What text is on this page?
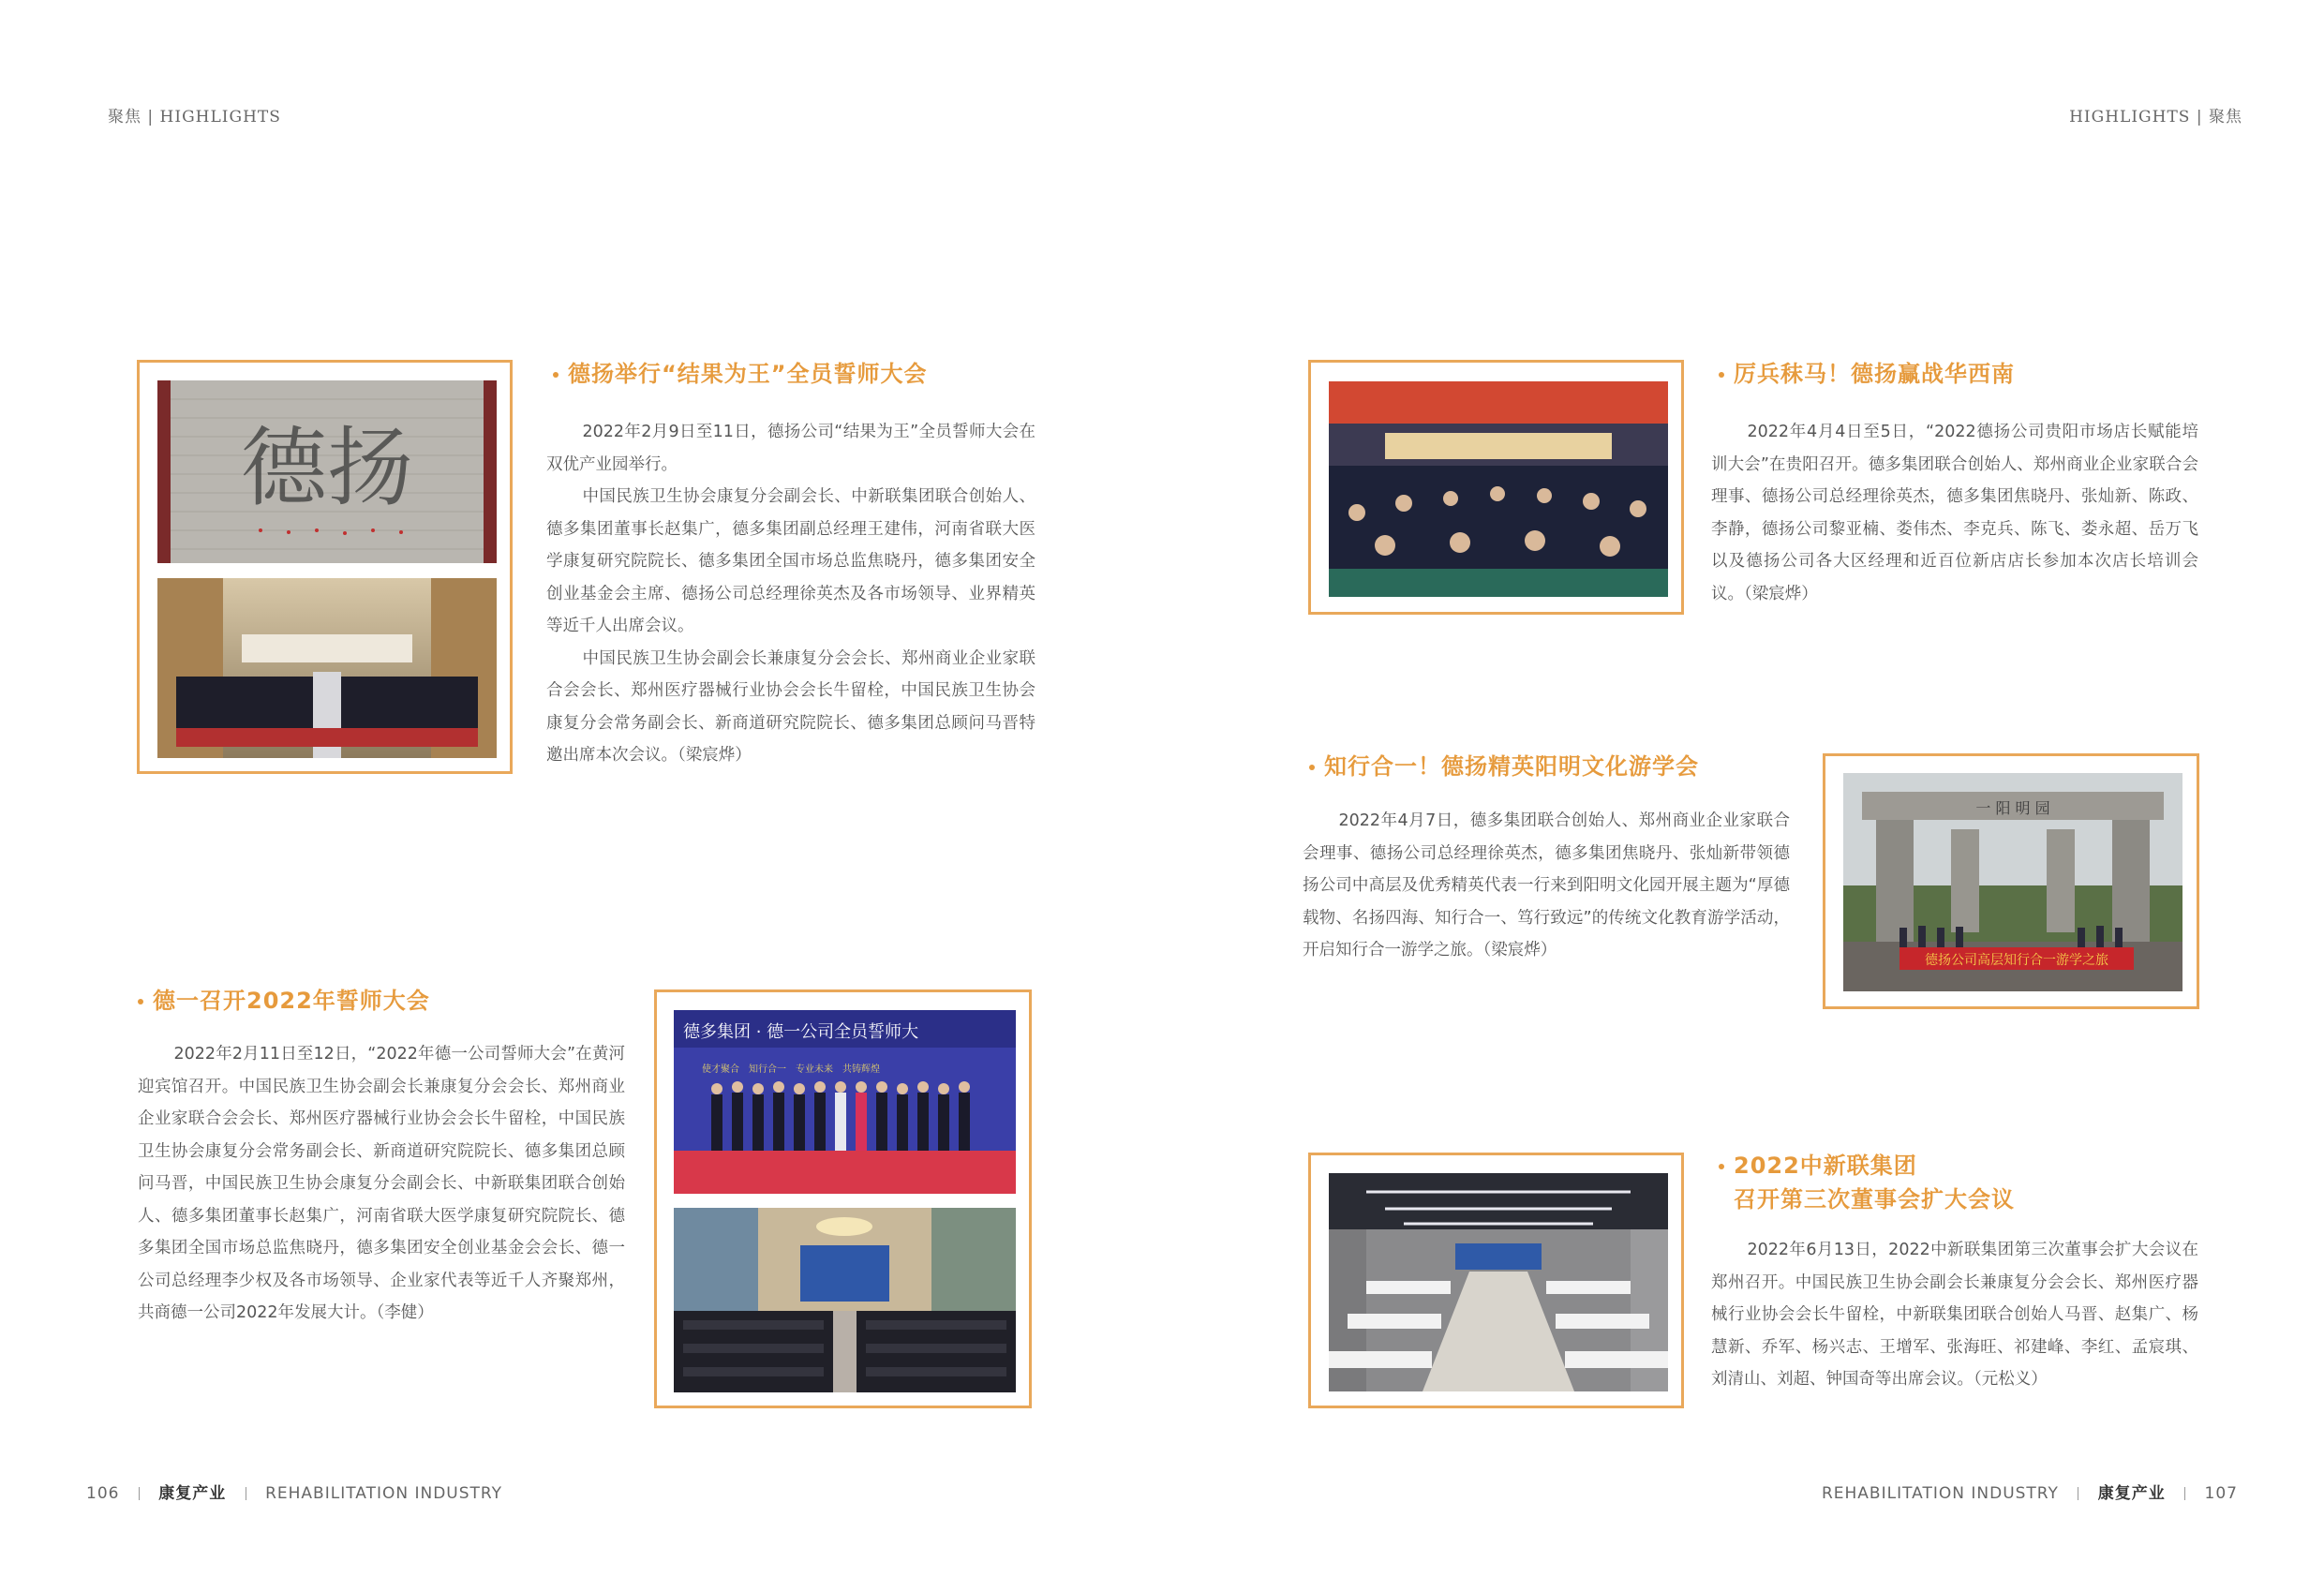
聚焦 | HIGHLIGHTS	HIGHLIGHTS | 聚焦
德扬
德扬举行“结果为王”全员誓师大会

2022年2月9日至11日，德扬公司“结果为王”全员誓师大会在双优产业园举行。

中国民族卫生协会康复分会副会长、中新联集团联合创始人、德多集团董事长赵集广，德多集团副总经理王建伟，河南省联大医学康复研究院院长、德多集团全国市场总监焦晓丹，德多集团安全创业基金会主席、德扬公司总经理徐英杰及各市场领导、业界精英等近千人出席会议。

中国民族卫生协会副会长兼康复分会会长、郑州商业企业家联合会会长、郑州医疗器械行业协会会长牛留栓，中国民族卫生协会康复分会常务副会长、新商道研究院院长、德多集团总顾问马晋特邀出席本次会议。（梁宸烨）

厉兵秣马！德扬赢战华西南

2022年4月4日至5日，“2022德扬公司贵阳市场店长赋能培训大会”在贵阳召开。德多集团联合创始人、郑州商业企业家联合会理事、德扬公司总经理徐英杰，德多集团焦晓丹、张灿新、陈政、李静，德扬公司黎亚楠、娄伟杰、李克兵、陈飞、娄永超、岳万飞以及德扬公司各大区经理和近百位新店店长参加本次店长培训会议。（梁宸烨）

知行合一！德扬精英阳明文化游学会

2022年4月7日，德多集团联合创始人、郑州商业企业家联合会理事、德扬公司总经理徐英杰，德多集团焦晓丹、张灿新带领德扬公司中高层及优秀精英代表一行来到阳明文化园开展主题为“厚德载物、名扬四海、知行合一、笃行致远”的传统文化教育游学活动，开启知行合一游学之旅。（梁宸烨）

一 阳 明 园
德扬公司高层知行合一游学之旅
德一召开2022年誓师大会

2022年2月11日至12日，“2022年德一公司誓师大会”在黄河迎宾馆召开。中国民族卫生协会副会长兼康复分会会长、郑州商业企业家联合会会长、郑州医疗器械行业协会会长牛留栓，中国民族卫生协会康复分会常务副会长、新商道研究院院长、德多集团总顾问马晋，中国民族卫生协会康复分会副会长、中新联集团联合创始人、德多集团董事长赵集广，河南省联大医学康复研究院院长、德多集团全国市场总监焦晓丹，德多集团安全创业基金会会长、德一公司总经理李少权及各市场领导、企业家代表等近千人齐聚郑州，共商德一公司2022年发展大计。（李健）

德多集团 · 德一公司全员誓师大
使才聚合　知行合一　专业未来　共铸辉煌
2022中新联集团
召开第三次董事会扩大会议

2022年6月13日，2022中新联集团第三次董事会扩大会议在郑州召开。中国民族卫生协会副会长兼康复分会会长、郑州医疗器械行业协会会长牛留栓，中新联集团联合创始人马晋、赵集广、杨慧新、乔军、杨兴志、王增军、张海旺、祁建峰、李红、孟宸琪、刘清山、刘超、钟国奇等出席会议。（元松义）

106 康复产业 REHABILITATION INDUSTRY	REHABILITATION INDUSTRY 康复产业 107
